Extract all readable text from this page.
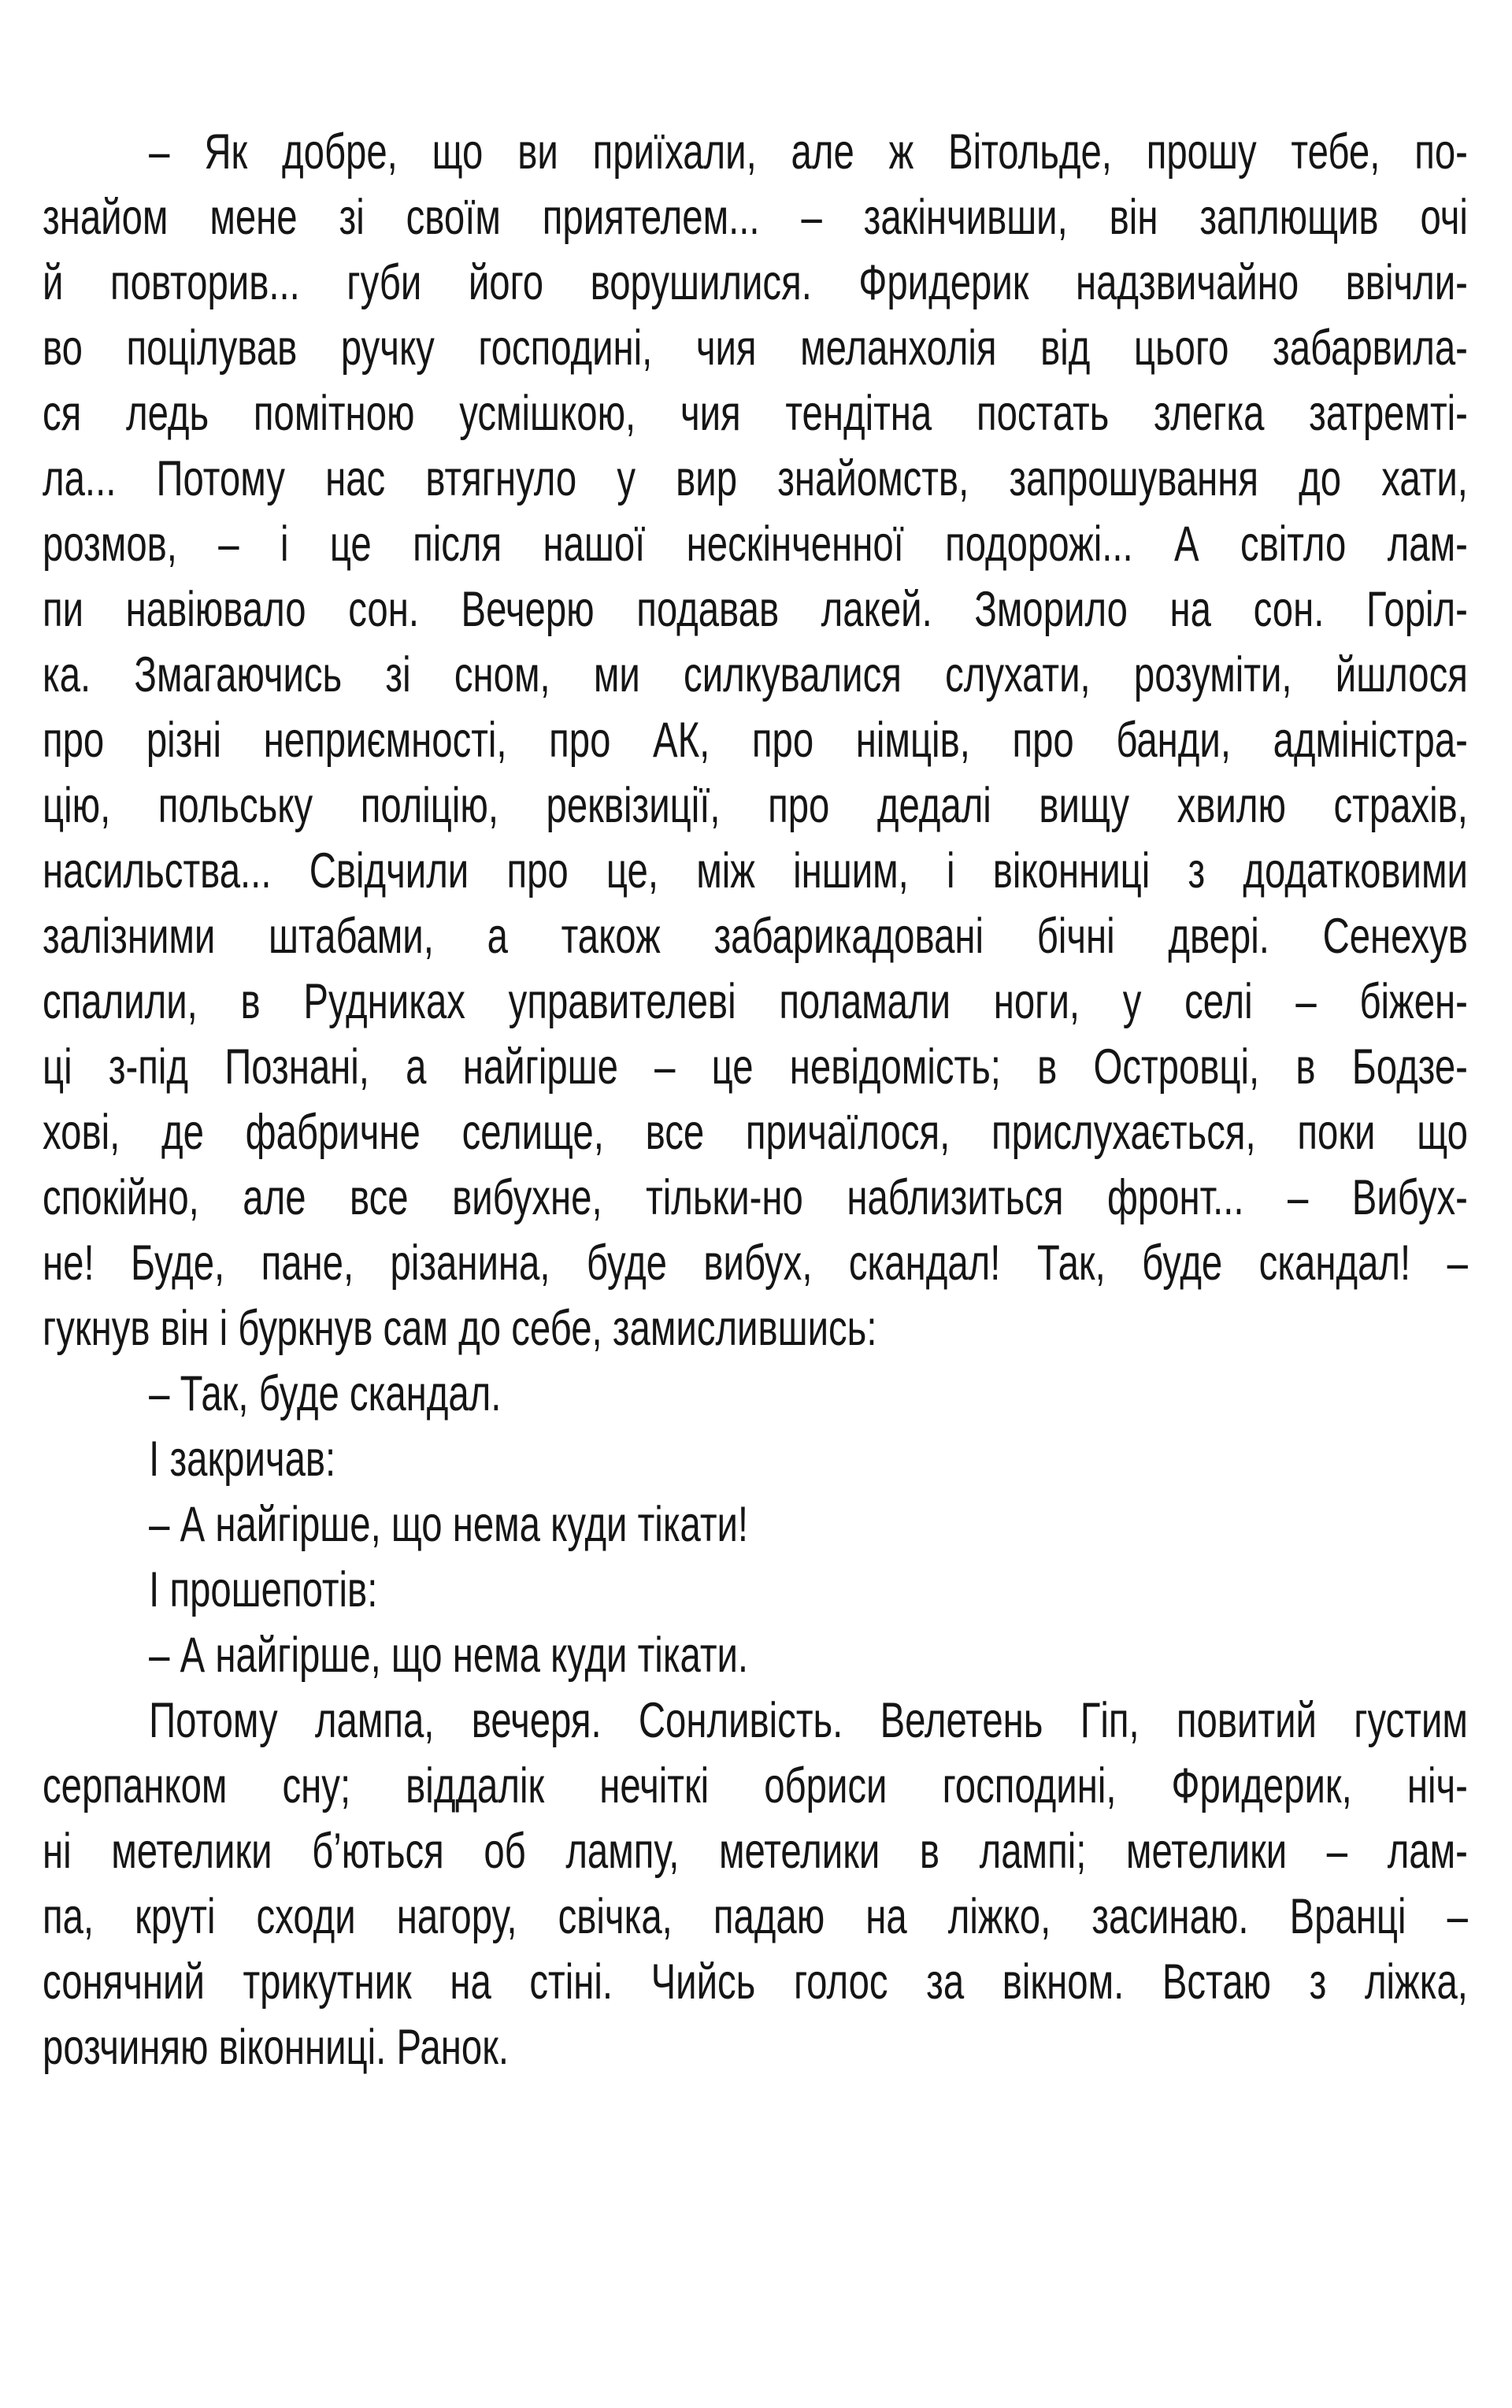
– Як добре, що ви приїхали, але ж Вітольде, прошу тебе, по-
знайом мене зі своїм приятелем... – закінчивши, він заплющив очі
й повторив... губи його ворушилися. Фридерик надзвичайно ввічли-
во поцілував ручку господині, чия меланхолія від цього забарвила-
ся ледь помітною усмішкою, чия тендітна постать злегка затремті-
ла... Потому нас втягнуло у вир знайомств, запрошування до хати,
розмов, – і це після нашої нескінченної подорожі... А світло лам-
пи навіювало сон. Вечерю подавав лакей. Зморило на сон. Горіл-
ка. Змагаючись зі сном, ми силкувалися слухати, розуміти, йшлося
про різні неприємності, про АК, про німців, про банди, адміністра-
цію, польську поліцію, реквізиції, про дедалі вищу хвилю страхів,
насильства... Свідчили про це, між іншим, і віконниці з додатковими
залізними штабами, а також забарикадовані бічні двері. Сенехув
спалили, в Рудниках управителеві поламали ноги, у селі – біжен-
ці з-під Познані, а найгірше – це невідомість; в Островці, в Бодзе-
хові, де фабричне селище, все причаїлося, прислухається, поки що
спокійно, але все вибухне, тільки-но наблизиться фронт... – Вибух-
не! Буде, пане, різанина, буде вибух, скандал! Так, буде скандал! –
гукнув він і буркнув сам до себе, замислившись:
– Так, буде скандал.
І закричав:
– А найгірше, що нема куди тікати!
І прошепотів:
– А найгірше, що нема куди тікати.
Потому лампа, вечеря. Сонливість. Велетень Гіп, повитий густим
серпанком сну; віддалік нечіткі обриси господині, Фридерик, ніч-
ні метелики б’ються об лампу, метелики в лампі; метелики – лам-
па, круті сходи нагору, свічка, падаю на ліжко, засинаю. Вранці –
сонячний трикутник на стіні. Чийсь голос за вікном. Встаю з ліжка,
розчиняю віконниці. Ранок.
